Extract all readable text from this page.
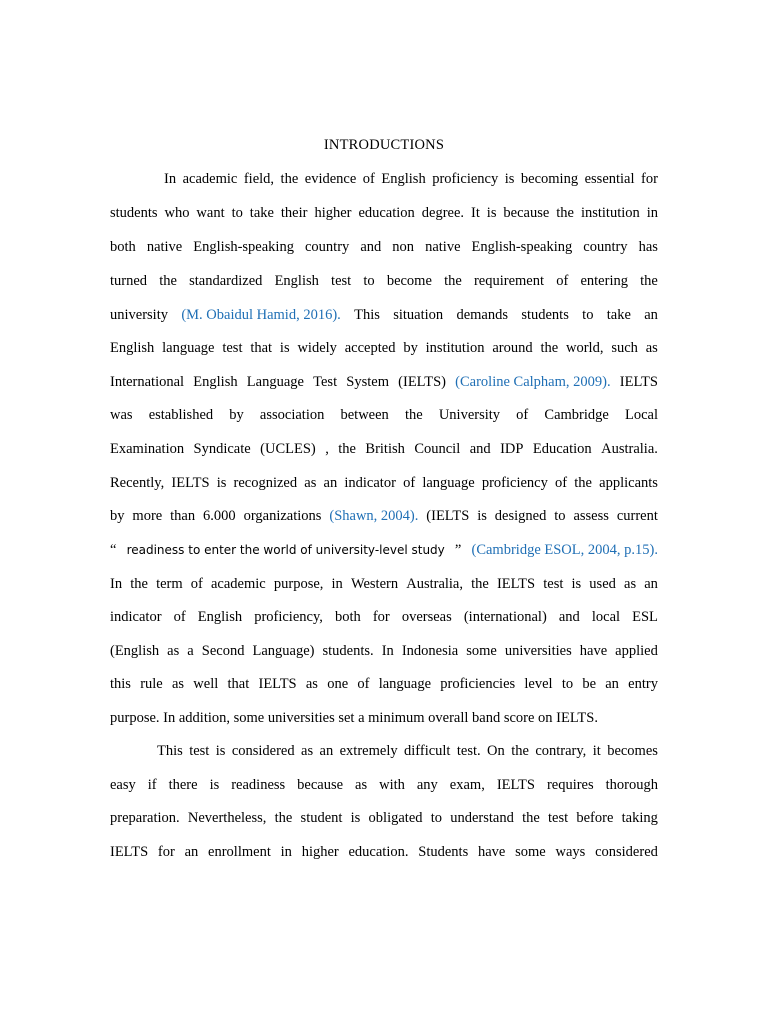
INTRODUCTIONS
In academic field, the evidence of English proficiency is becoming essential for
students who want to take their higher education degree. It is because the institution in
both native English-speaking country and non native English-speaking country has
turned the standardized English test to become the requirement of entering the
university (M. Obaidul Hamid, 2016). This situation demands students to take an
English language test that is widely accepted by institution around the world, such as
International English Language Test System (IELTS) (Caroline Calpham, 2009). IELTS
was established by association between the University of Cambridge Local
Examination Syndicate (UCLES) , the British Council and IDP Education Australia.
Recently, IELTS is recognized as an indicator of language proficiency of the applicants
by more than 6.000 organizations (Shawn, 2004). (IELTS is designed to assess current
“ readiness to enter the world of university-level study ” (Cambridge ESOL, 2004, p.15).
In the term of academic purpose, in Western Australia, the IELTS test is used as an
indicator of English proficiency, both for overseas (international) and local ESL
(English as a Second Language) students. In Indonesia some universities have applied
this rule as well that IELTS as one of language proficiencies level to be an entry
purpose. In addition, some universities set a minimum overall band score on IELTS.
This test is considered as an extremely difficult test. On the contrary, it becomes
easy if there is readiness because as with any exam, IELTS requires thorough
preparation. Nevertheless, the student is obligated to understand the test before taking
IELTS for an enrollment in higher education. Students have some ways considered
